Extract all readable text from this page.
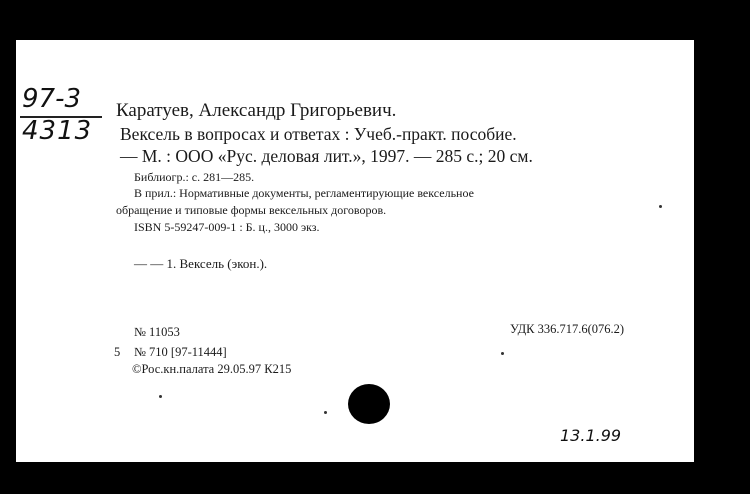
97-3
4313
Каратуев, Александр Григорьевич.
Вексель в вопросах и ответах : Учеб.-практ. пособие.
— М. : ООО «Рус. деловая лит.», 1997. — 285 с.; 20 см.
Библиогр.: с. 281—285.
В прил.: Нормативные документы, регламентирующие вексельное
обращение и типовые формы вексельных договоров.
ISBN 5-59247-009-1 : Б. ц., 3000 экз.
— — 1. Вексель (экон.).
№ 11053	УДК 336.717.6(076.2)
5 № 710 [97-11444]
©Рос.кн.палата 29.05.97 К215
13.1.99
